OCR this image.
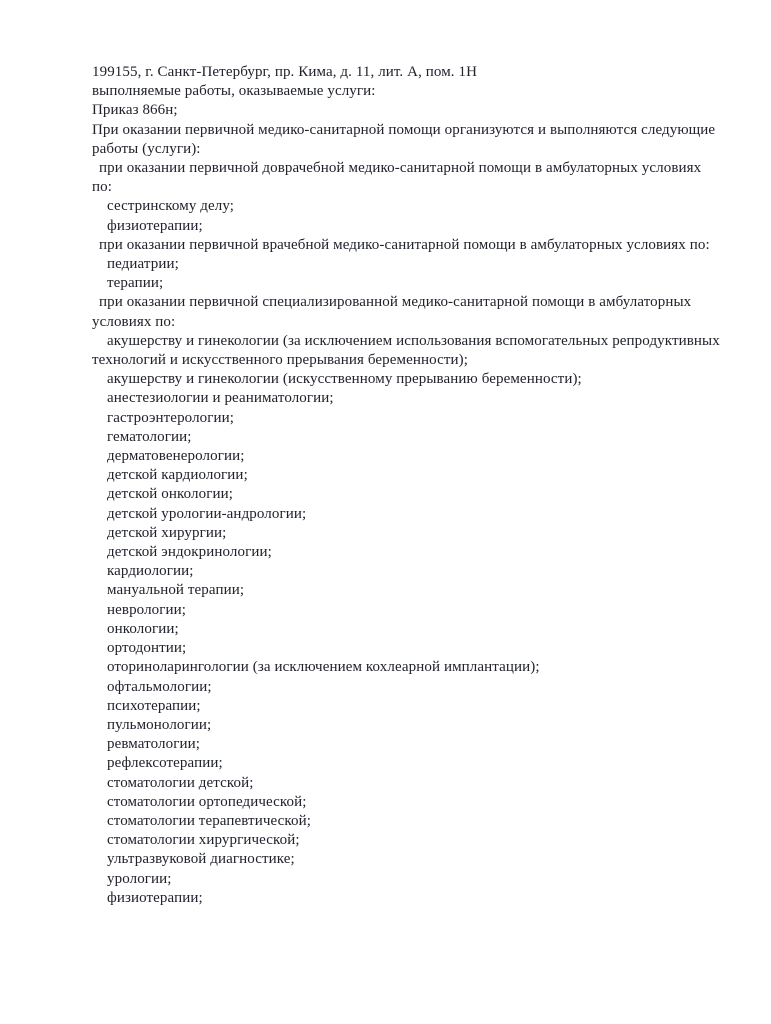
199155, г. Санкт-Петербург, пр. Кима, д. 11, лит. А, пом. 1Н
выполняемые работы, оказываемые услуги:
Приказ 866н;
При оказании первичной медико-санитарной помощи организуются и выполняются следующие
работы (услуги):
при оказании первичной доврачебной медико-санитарной помощи в амбулаторных условиях
по:
сестринскому делу;
физиотерапии;
при оказании первичной врачебной медико-санитарной помощи в амбулаторных условиях по:
педиатрии;
терапии;
при оказании первичной специализированной медико-санитарной помощи в амбулаторных
условиях по:
акушерству и гинекологии (за исключением использования вспомогательных репродуктивных
технологий и искусственного прерывания беременности);
акушерству и гинекологии (искусственному прерыванию беременности);
анестезиологии и реаниматологии;
гастроэнтерологии;
гематологии;
дерматовенерологии;
детской кардиологии;
детской онкологии;
детской урологии-андрологии;
детской хирургии;
детской эндокринологии;
кардиологии;
мануальной терапии;
неврологии;
онкологии;
ортодонтии;
оториноларингологии (за исключением кохлеарной имплантации);
офтальмологии;
психотерапии;
пульмонологии;
ревматологии;
рефлексотерапии;
стоматологии детской;
стоматологии ортопедической;
стоматологии терапевтической;
стоматологии хирургической;
ультразвуковой диагностике;
урологии;
физиотерапии;
